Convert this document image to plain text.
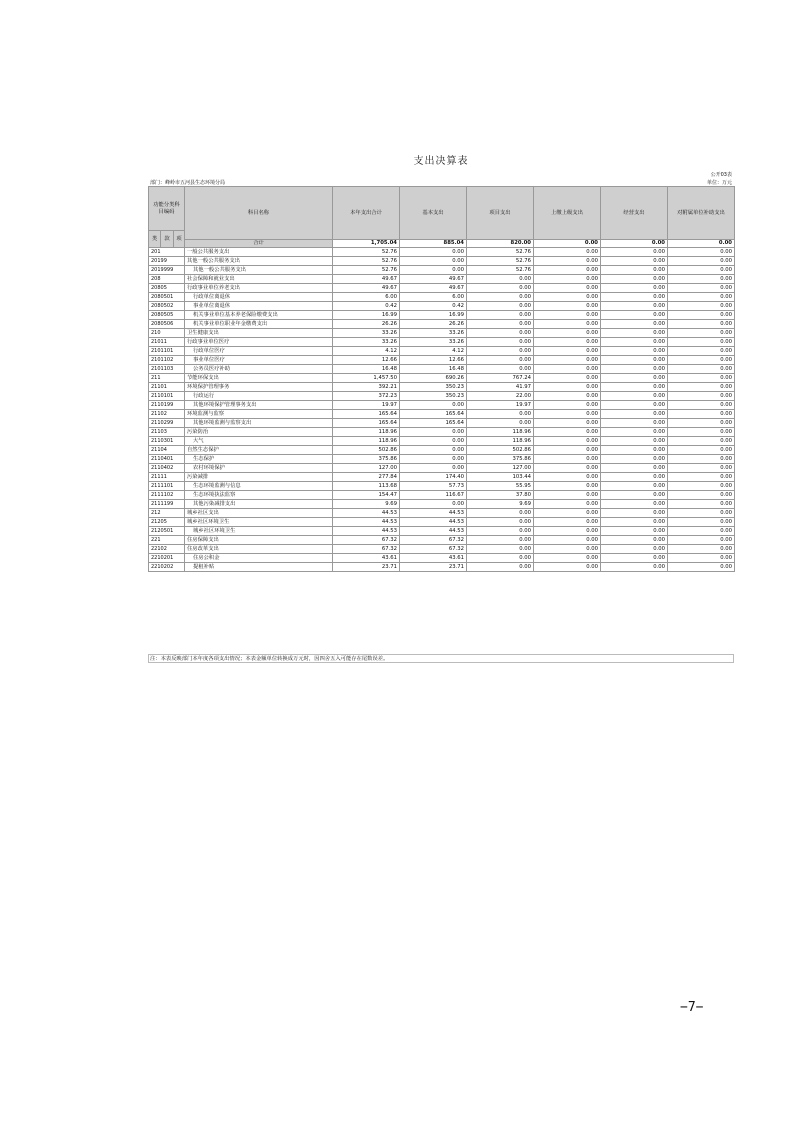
支出决算表
公开03表
部门：峰岭市五河县生态环境分局	单位：万元
功能分类科目编码			科目名称	本年支出合计	基本支出	项目支出	上缴上级支出	经营支出	对附属单位补助支出	
类	款	项							
			合计	1,705.04	885.04	820.00	0.00	0.00	0.00	
201			一般公共服务支出	52.76	0.00	52.76	0.00	0.00	0.00	
20199			其他一般公共服务支出	52.76	0.00	52.76	0.00	0.00	0.00	
2019999			其他一般公共服务支出	52.76	0.00	52.76	0.00	0.00	0.00	
208			社会保障和就业支出	49.67	49.67	0.00	0.00	0.00	0.00	
20805			行政事业单位养老支出	49.67	49.67	0.00	0.00	0.00	0.00	
2080501			行政单位离退休	6.00	6.00	0.00	0.00	0.00	0.00	
2080502			事业单位离退休	0.42	0.42	0.00	0.00	0.00	0.00	
2080505			机关事业单位基本养老保险缴费支出	16.99	16.99	0.00	0.00	0.00	0.00	
2080506			机关事业单位职业年金缴费支出	26.26	26.26	0.00	0.00	0.00	0.00	
210			卫生健康支出	33.26	33.26	0.00	0.00	0.00	0.00	
21011			行政事业单位医疗	33.26	33.26	0.00	0.00	0.00	0.00	
2101101			行政单位医疗	4.12	4.12	0.00	0.00	0.00	0.00	
2101102			事业单位医疗	12.66	12.66	0.00	0.00	0.00	0.00	
2101103			公务员医疗补助	16.48	16.48	0.00	0.00	0.00	0.00	
211			节能环保支出	1,457.50	690.26	767.24	0.00	0.00	0.00	
21101			环境保护管理事务	392.21	350.23	41.97	0.00	0.00	0.00	
2110101			行政运行	372.23	350.23	22.00	0.00	0.00	0.00	
2110199			其他环境保护管理事务支出	19.97	0.00	19.97	0.00	0.00	0.00	
21102			环境监测与监察	165.64	165.64	0.00	0.00	0.00	0.00	
2110299			其他环境监测与监察支出	165.64	165.64	0.00	0.00	0.00	0.00	
21103			污染防治	118.96	0.00	118.96	0.00	0.00	0.00	
2110301			大气	118.96	0.00	118.96	0.00	0.00	0.00	
21104			自然生态保护	502.86	0.00	502.86	0.00	0.00	0.00	
2110401			生态保护	375.86	0.00	375.86	0.00	0.00	0.00	
2110402			农村环境保护	127.00	0.00	127.00	0.00	0.00	0.00	
21111			污染减排	277.84	174.40	103.44	0.00	0.00	0.00	
2111101			生态环境监测与信息	113.68	57.73	55.95	0.00	0.00	0.00	
2111102			生态环境执法监察	154.47	116.67	37.80	0.00	0.00	0.00	
2111199			其他污染减排支出	9.69	0.00	9.69	0.00	0.00	0.00	
212			城乡社区支出	44.53	44.53	0.00	0.00	0.00	0.00	
21205			城乡社区环境卫生	44.53	44.53	0.00	0.00	0.00	0.00	
2120501			城乡社区环境卫生	44.53	44.53	0.00	0.00	0.00	0.00	
221			住房保障支出	67.32	67.32	0.00	0.00	0.00	0.00	
22102			住房改革支出	67.32	67.32	0.00	0.00	0.00	0.00	
2210201			住房公积金	43.61	43.61	0.00	0.00	0.00	0.00	
2210202			提租补贴	23.71	23.71	0.00	0.00	0.00	0.00	
注：本表反映部门本年度各项支出情况；本表金额单位转换成万元时，因四舍五入可能存在尾数误差。
−7−
